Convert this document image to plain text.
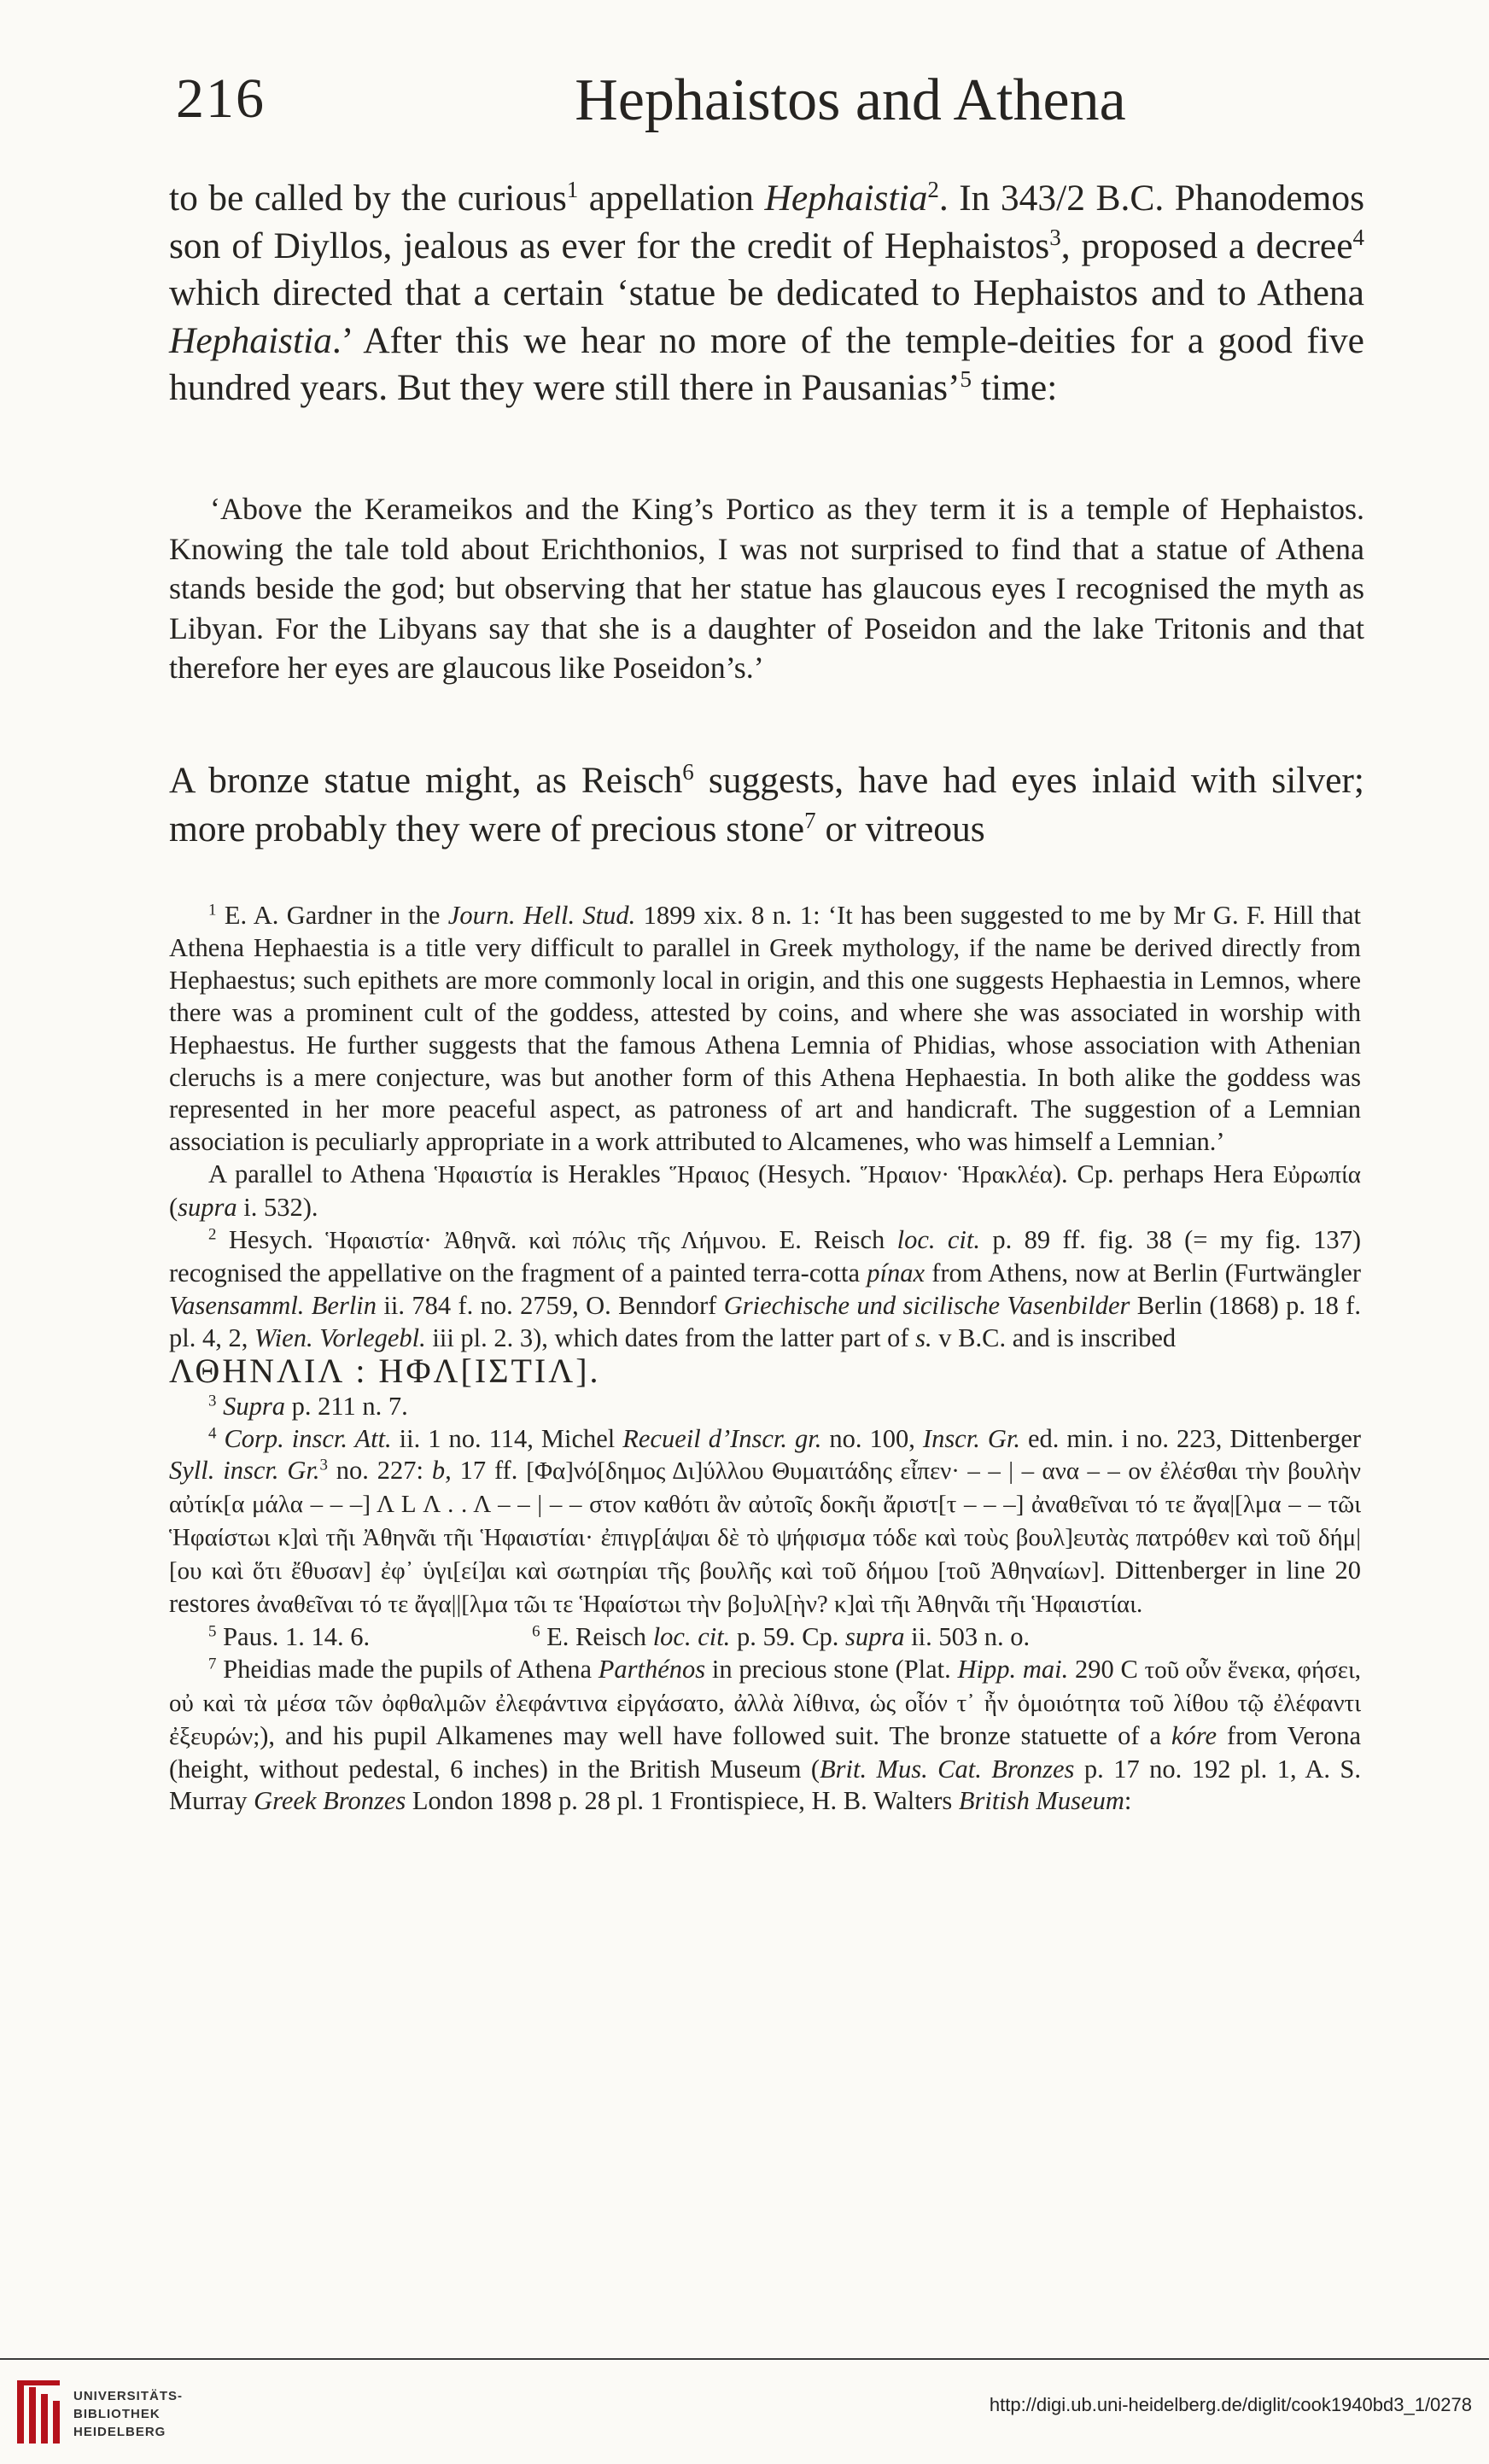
216	Hephaistos and Athena

to be called by the curious$^1$ appellation Hephaistia$^2$. In 343/2 B.C. Phanodemos son of Diyllos, jealous as ever for the credit of Hephaistos$^3$, proposed a decree$^4$ which directed that a certain ‘statue be dedicated to Hephaistos and to Athena Hephaistia.’ After this we hear no more of the temple-deities for a good five hundred years. But they were still there in Pausanias’$^5$ time:

‘Above the Kerameikos and the King’s Portico as they term it is a temple of Hephaistos. Knowing the tale told about Erichthonios, I was not surprised to find that a statue of Athena stands beside the god; but observing that her statue has glaucous eyes I recognised the myth as Libyan. For the Libyans say that she is a daughter of Poseidon and the lake Tritonis and that therefore her eyes are glaucous like Poseidon’s.’

A bronze statue might, as Reisch$^6$ suggests, have had eyes inlaid with silver; more probably they were of precious stone$^7$ or vitreous

$^1$ E. A. Gardner in the Journ. Hell. Stud. 1899 xix. 8 n. 1: ‘It has been suggested to me by Mr G. F. Hill that Athena Hephaestia is a title very difficult to parallel in Greek mythology, if the name be derived directly from Hephaestus; such epithets are more commonly local in origin, and this one suggests Hephaestia in Lemnos, where there was a prominent cult of the goddess, attested by coins, and where she was associated in worship with Hephaestus. He further suggests that the famous Athena Lemnia of Phidias, whose association with Athenian cleruchs is a mere conjecture, was but another form of this Athena Hephaestia. In both alike the goddess was represented in her more peaceful aspect, as patroness of art and handicraft. The suggestion of a Lemnian association is peculiarly appropriate in a work attributed to Alcamenes, who was himself a Lemnian.’

A parallel to Athena Ἡφαιστία is Herakles Ἥραιος (Hesych. Ἥραιον· Ἡρακλέα). Cp. perhaps Hera Εὐρωπία (supra i. 532).

$^2$ Hesych. Ἡφαιστία· Ἀθηνᾶ. καὶ πόλις τῆς Λήμνου. E. Reisch loc. cit. p. 89 ff. fig. 38 (= my fig. 137) recognised the appellative on the fragment of a painted terra-cotta pínax from Athens, now at Berlin (Furtwängler Vasensamml. Berlin ii. 784 f. no. 2759, O. Benndorf Griechische und sicilische Vasenbilder Berlin (1868) p. 18 f. pl. 4, 2, Wien. Vorlegebl. iii pl. 2. 3), which dates from the latter part of s. v B.C. and is inscribed

ΛΘΗΝΛΙΛ : ΗΦΛ[ΙΣΤΙΛ].

$^3$ Supra p. 211 n. 7.

$^4$ Corp. inscr. Att. ii. 1 no. 114, Michel Recueil d’Inscr. gr. no. 100, Inscr. Gr. ed. min. i no. 223, Dittenberger Syll. inscr. Gr.$^3$ no. 227: b, 17 ff. [Φα]νό[δημος Δι]ύλλου Θυμαιτάδης εἶπεν· – – | – ανα – – ον ἐλέσθαι τὴν βουλὴν αὐτίκ[α μάλα – – –] Λ L Λ . . Λ – – | – – στον καθότι ἂν αὐτοῖς δοκῆι ἄριστ[τ – – –] ἀναθεῖναι τό τε ἄγα|[λμα – – τῶι Ἡφαίστωι κ]αὶ τῆι Ἀθηνᾶι τῆι Ἡφαιστίαι· ἐπιγρ[άψαι δὲ τὸ ψήφισμα τόδε καὶ τοὺς βουλ]ευτὰς πατρόθεν καὶ τοῦ δήμ|[ου καὶ ὅτι ἔθυσαν] ἐφ᾽ ὑγι[εί]αι καὶ σωτηρίαι τῆς βουλῆς καὶ τοῦ δήμου [τοῦ Ἀθηναίων]. Dittenberger in line 20 restores ἀναθεῖναι τό τε ἄγα||[λμα τῶι τε Ἡφαίστωι τὴν βο]υλ[ὴν? κ]αὶ τῆι Ἀθηνᾶι τῆι Ἡφαιστίαι.

$^5$ Paus. 1. 14. 6.	$^6$ E. Reisch loc. cit. p. 59. Cp. supra ii. 503 n. o.

$^7$ Pheidias made the pupils of Athena Parthénos in precious stone (Plat. Hipp. mai. 290 C τοῦ οὖν ἕνεκα, φήσει, οὐ καὶ τὰ μέσα τῶν ὀφθαλμῶν ἐλεφάντινα εἰργάσατο, ἀλλὰ λίθινα, ὡς οἷόν τ᾽ ἦν ὁμοιότητα τοῦ λίθου τῷ ἐλέφαντι ἐξευρών;), and his pupil Alkamenes may well have followed suit. The bronze statuette of a kóre from Verona (height, without pedestal, 6 inches) in the British Museum (Brit. Mus. Cat. Bronzes p. 17 no. 192 pl. 1, A. S. Murray Greek Bronzes London 1898 p. 28 pl. 1 Frontispiece, H. B. Walters British Museum:

UNIVERSITÄTS-
BIBLIOTHEK
HEIDELBERG
http://digi.ub.uni-heidelberg.de/diglit/cook1940bd3_1/0278
